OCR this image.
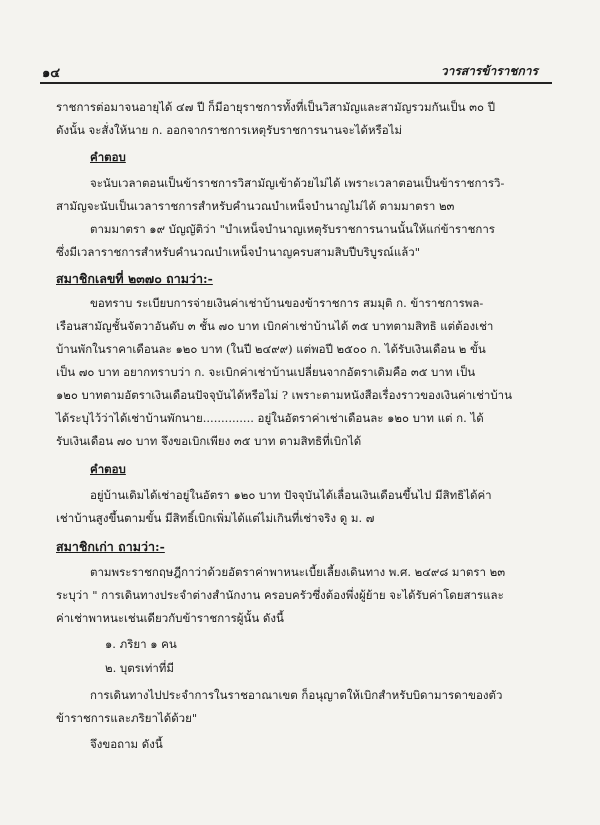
๑๔	วารสารข้าราชการ
ราชการต่อมาจนอายุได้ ๔๗ ปี ก็มีอายุราชการทั้งที่เป็นวิสามัญและสามัญรวมกันเป็น ๓๐ ปี
ดังนั้น จะสั่งให้นาย ก. ออกจากราชการเหตุรับราชการนานจะได้หรือไม่
คำตอบ
จะนับเวลาตอนเป็นข้าราชการวิสามัญเข้าด้วยไม่ได้ เพราะเวลาตอนเป็นข้าราชการวิ-
สามัญจะนับเป็นเวลาราชการสำหรับคำนวณบำเหน็จบำนาญไม่ได้ ตามมาตรา ๒๓
ตามมาตรา ๑๙ บัญญัติว่า "บำเหน็จบำนาญเหตุรับราชการนานนั้นให้แก่ข้าราชการ
ซึ่งมีเวลาราชการสำหรับคำนวณบำเหน็จบำนาญครบสามสิบปีบริบูรณ์แล้ว"
สมาชิกเลขที่ ๒๓๗๐ ถามว่า:-
ขอทราบ ระเบียบการจ่ายเงินค่าเช่าบ้านของข้าราชการ สมมุติ ก. ข้าราชการพล-
เรือนสามัญชั้นจัตวาอันดับ ๓ ชั้น ๗๐ บาท เบิกค่าเช่าบ้านได้ ๓๕ บาทตามสิทธิ แต่ต้องเช่า
บ้านพักในราคาเดือนละ ๑๒๐ บาท (ในปี ๒๔๙๙) แต่พอปี ๒๕๐๐ ก. ได้รับเงินเดือน ๒ ขั้น
เป็น ๗๐ บาท อยากทราบว่า ก. จะเบิกค่าเช่าบ้านเปลี่ยนจากอัตราเดิมคือ ๓๕ บาท เป็น
๑๒๐ บาทตามอัตราเงินเดือนปัจจุบันได้หรือไม่ ? เพราะตามหนังสือเรื่องราวของเงินค่าเช่าบ้าน
ได้ระบุไว้ว่าได้เช่าบ้านพักนาย.............. อยู่ในอัตราค่าเช่าเดือนละ ๑๒๐ บาท แต่ ก. ได้
รับเงินเดือน ๗๐ บาท จึงขอเบิกเพียง ๓๕ บาท ตามสิทธิที่เบิกได้
คำตอบ
อยู่บ้านเดิมได้เช่าอยู่ในอัตรา ๑๒๐ บาท ปัจจุบันได้เลื่อนเงินเดือนขึ้นไป มีสิทธิได้ค่า
เช่าบ้านสูงขึ้นตามขั้น มีสิทธิ์เบิกเพิ่มได้แต่ไม่เกินที่เช่าจริง ดู ม. ๗
สมาชิกเก่า ถามว่า:-
ตามพระราชกฤษฎีกาว่าด้วยอัตราค่าพาหนะเบี้ยเลี้ยงเดินทาง พ.ศ. ๒๔๙๘ มาตรา ๒๓
ระบุว่า " การเดินทางประจำต่างสำนักงาน ครอบครัวซึ่งต้องพึ่งผู้ย้าย จะได้รับค่าโดยสารและ
ค่าเช่าพาหนะเช่นเดียวกับข้าราชการผู้นั้น ดังนี้
๑. ภริยา ๑ คน
๒. บุตรเท่าที่มี
การเดินทางไปประจำการในราชอาณาเขต ก็อนุญาตให้เบิกสำหรับบิดามารดาของตัว
ข้าราชการและภริยาได้ด้วย"
จึงขอถาม ดังนี้
